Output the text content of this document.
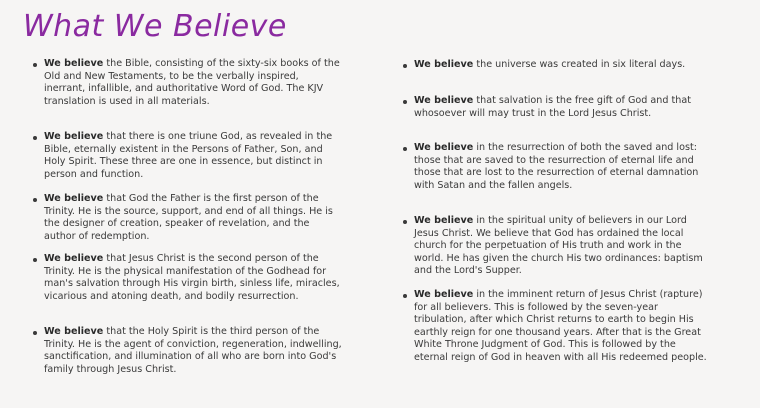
What We Believe
We believe the Bible, consisting of the sixty-six books of the Old and New Testaments, to be the verbally inspired, inerrant, infallible, and authoritative Word of God. The KJV translation is used in all materials.
We believe that there is one triune God, as revealed in the Bible, eternally existent in the Persons of Father, Son, and Holy Spirit. These three are one in essence, but distinct in person and function.
We believe that God the Father is the first person of the Trinity. He is the source, support, and end of all things. He is the designer of creation, speaker of revelation, and the author of redemption.
We believe that Jesus Christ is the second person of the Trinity. He is the physical manifestation of the Godhead for man's salvation through His virgin birth, sinless life, miracles, vicarious and atoning death, and bodily resurrection.
We believe that the Holy Spirit is the third person of the Trinity. He is the agent of conviction, regeneration, indwelling, sanctification, and illumination of all who are born into God's family through Jesus Christ.
We believe the universe was created in six literal days.
We believe that salvation is the free gift of God and that whosoever will may trust in the Lord Jesus Christ.
We believe in the resurrection of both the saved and lost: those that are saved to the resurrection of eternal life and those that are lost to the resurrection of eternal damnation with Satan and the fallen angels.
We believe in the spiritual unity of believers in our Lord Jesus Christ. We believe that God has ordained the local church for the perpetuation of His truth and work in the world. He has given the church His two ordinances: baptism and the Lord's Supper.
We believe in the imminent return of Jesus Christ (rapture) for all believers. This is followed by the seven-year tribulation, after which Christ returns to earth to begin His earthly reign for one thousand years. After that is the Great White Throne Judgment of God. This is followed by the eternal reign of God in heaven with all His redeemed people.
